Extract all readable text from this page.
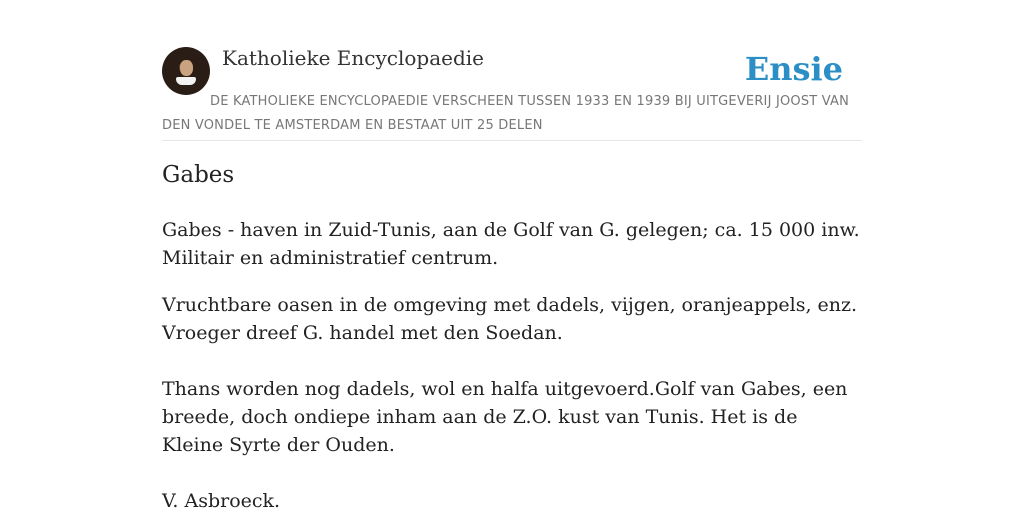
Katholieke Encyclopaedie	Ensie
DE KATHOLIEKE ENCYCLOPAEDIE VERSCHEEN TUSSEN 1933 EN 1939 BIJ UITGEVERIJ JOOST VAN DEN VONDEL TE AMSTERDAM EN BESTAAT UIT 25 DELEN
Gabes

Gabes - haven in Zuid-Tunis, aan de Golf van G. gelegen; ca. 15 000 inw. Militair en administratief centrum.

Vruchtbare oasen in de omgeving met dadels, vijgen, oranjeappels, enz. Vroeger dreef G. handel met den Soedan.

Thans worden nog dadels, wol en halfa uitgevoerd.Golf van Gabes, een breede, doch ondiepe inham aan de Z.O. kust van Tunis. Het is de Kleine Syrte der Ouden.

V. Asbroeck.
